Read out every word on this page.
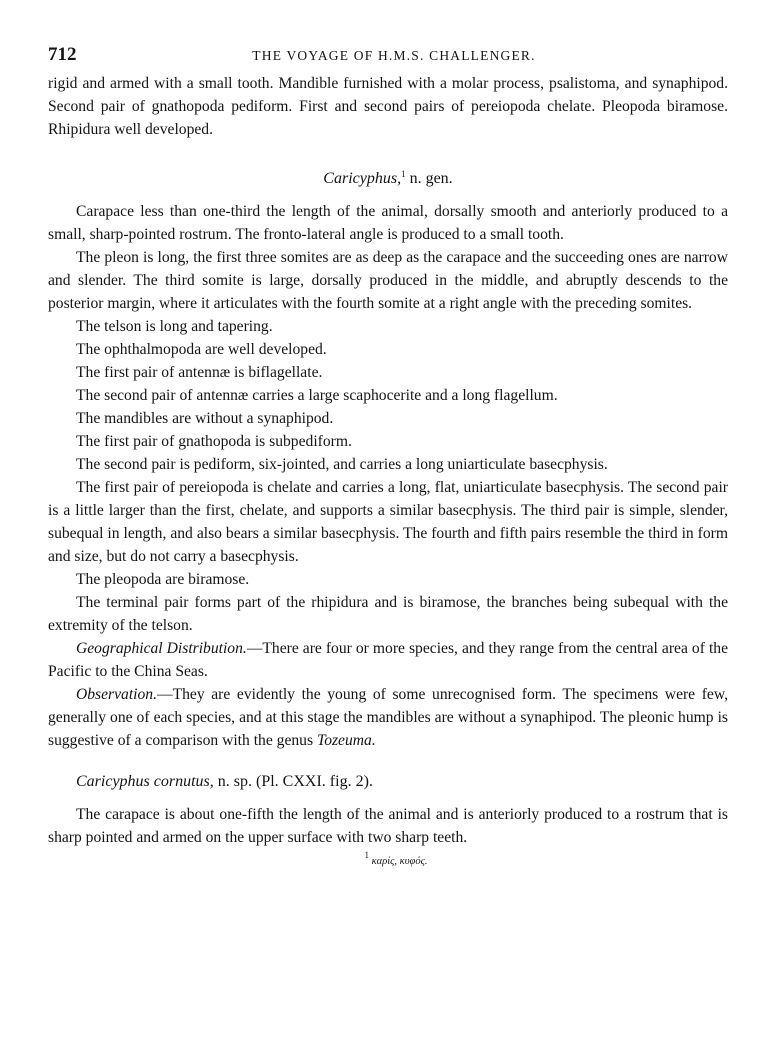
712	THE VOYAGE OF H.M.S. CHALLENGER.

rigid and armed with a small tooth. Mandible furnished with a molar process, psalistoma, and synaphipod. Second pair of gnathopoda pediform. First and second pairs of pereiopoda chelate. Pleopoda biramose. Rhipidura well developed.

Caricyphus,$^1$ n. gen.

Carapace less than one-third the length of the animal, dorsally smooth and anteriorly produced to a small, sharp-pointed rostrum. The fronto-lateral angle is produced to a small tooth.

The pleon is long, the first three somites are as deep as the carapace and the succeeding ones are narrow and slender. The third somite is large, dorsally produced in the middle, and abruptly descends to the posterior margin, where it articulates with the fourth somite at a right angle with the preceding somites.

The telson is long and tapering.

The ophthalmopoda are well developed.

The first pair of antennæ is biflagellate.

The second pair of antennæ carries a large scaphocerite and a long flagellum.

The mandibles are without a synaphipod.

The first pair of gnathopoda is subpediform.

The second pair is pediform, six-jointed, and carries a long uniarticulate basecphysis.

The first pair of pereiopoda is chelate and carries a long, flat, uniarticulate basecphysis. The second pair is a little larger than the first, chelate, and supports a similar basecphysis. The third pair is simple, slender, subequal in length, and also bears a similar basecphysis. The fourth and fifth pairs resemble the third in form and size, but do not carry a basecphysis.

The pleopoda are biramose.

The terminal pair forms part of the rhipidura and is biramose, the branches being subequal with the extremity of the telson.

Geographical Distribution.—There are four or more species, and they range from the central area of the Pacific to the China Seas.

Observation.—They are evidently the young of some unrecognised form. The specimens were few, generally one of each species, and at this stage the mandibles are without a synaphipod. The pleonic hump is suggestive of a comparison with the genus Tozeuma.

Caricyphus cornutus, n. sp. (Pl. CXXI. fig. 2).

The carapace is about one-fifth the length of the animal and is anteriorly produced to a rostrum that is sharp pointed and armed on the upper surface with two sharp teeth.

$^1$ καρίς, κυφός.
